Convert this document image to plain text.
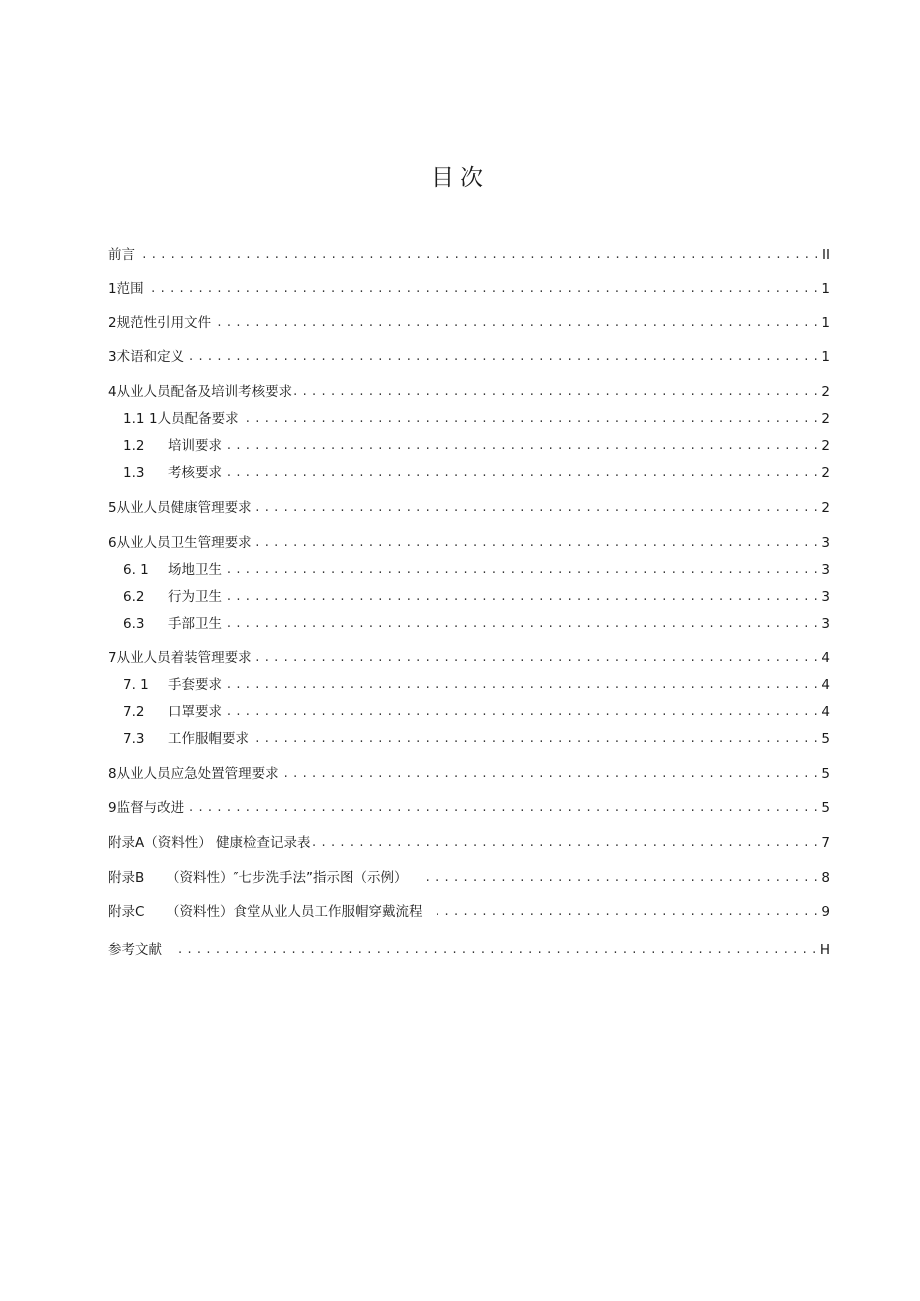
目次
前言 . . .	II
1 范围 . . .	1
2 规范性引用文件 . . .	1
3 术语和定义 . . .	1
4 从业人员配备及培训考核要求 . . .	2
1.1 1人员配备要求 . . .	2
1.2	培训要求 . . .	2
1.3	考核要求 . . .	2
5 从业人员健康管理要求 . . .	2
6 从业人员卫生管理要求 . . .	3
6. 1	场地卫生 . . .	3
6.2	行为卫生 . . .	3
6.3	手部卫生 . . .	3
7 从业人员着装管理要求 . . .	4
7. 1	手套要求 . . .	4
7.2	口罩要求 . . .	4
7.3	工作服帽要求 . . .	5
8 从业人员应急处置管理要求 . . .	5
9 监督与改进 . . .	5
附录A （资料性） 健康检查记录表 . . .	7
附录B	（资料性）″七步洗手法”指示图（示例） . . .	8
附录C	（资料性）食堂从业人员工作服帽穿戴流程 . . .	9
参考文献 . . .	H
